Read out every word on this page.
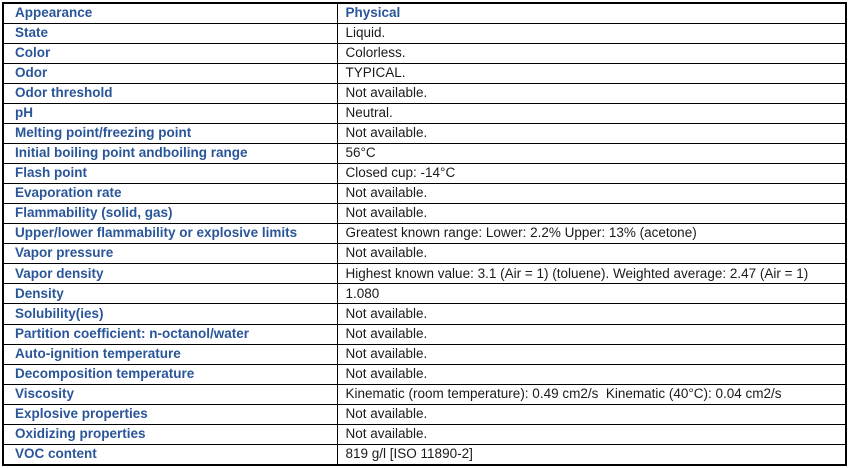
Appearance	Physical
State	Liquid.
Color	Colorless.
Odor	TYPICAL.
Odor threshold	Not available.
pH	Neutral.
Melting point/freezing point	Not available.
Initial boiling point andboiling range	56°C
Flash point	Closed cup: -14°C
Evaporation rate	Not available.
Flammability (solid, gas)	Not available.
Upper/lower flammability or explosive limits	Greatest known range: Lower: 2.2% Upper: 13% (acetone)
Vapor pressure	Not available.
Vapor density	Highest known value: 3.1 (Air = 1) (toluene). Weighted average: 2.47 (Air = 1)
Density	1.080
Solubility(ies)	Not available.
Partition coefficient: n-octanol/water	Not available.
Auto-ignition temperature	Not available.
Decomposition temperature	Not available.
Viscosity	Kinematic (room temperature): 0.49 cm2/s  Kinematic (40°C): 0.04 cm2/s
Explosive properties	Not available.
Oxidizing properties	Not available.
VOC content	819 g/l [ISO 11890-2]
